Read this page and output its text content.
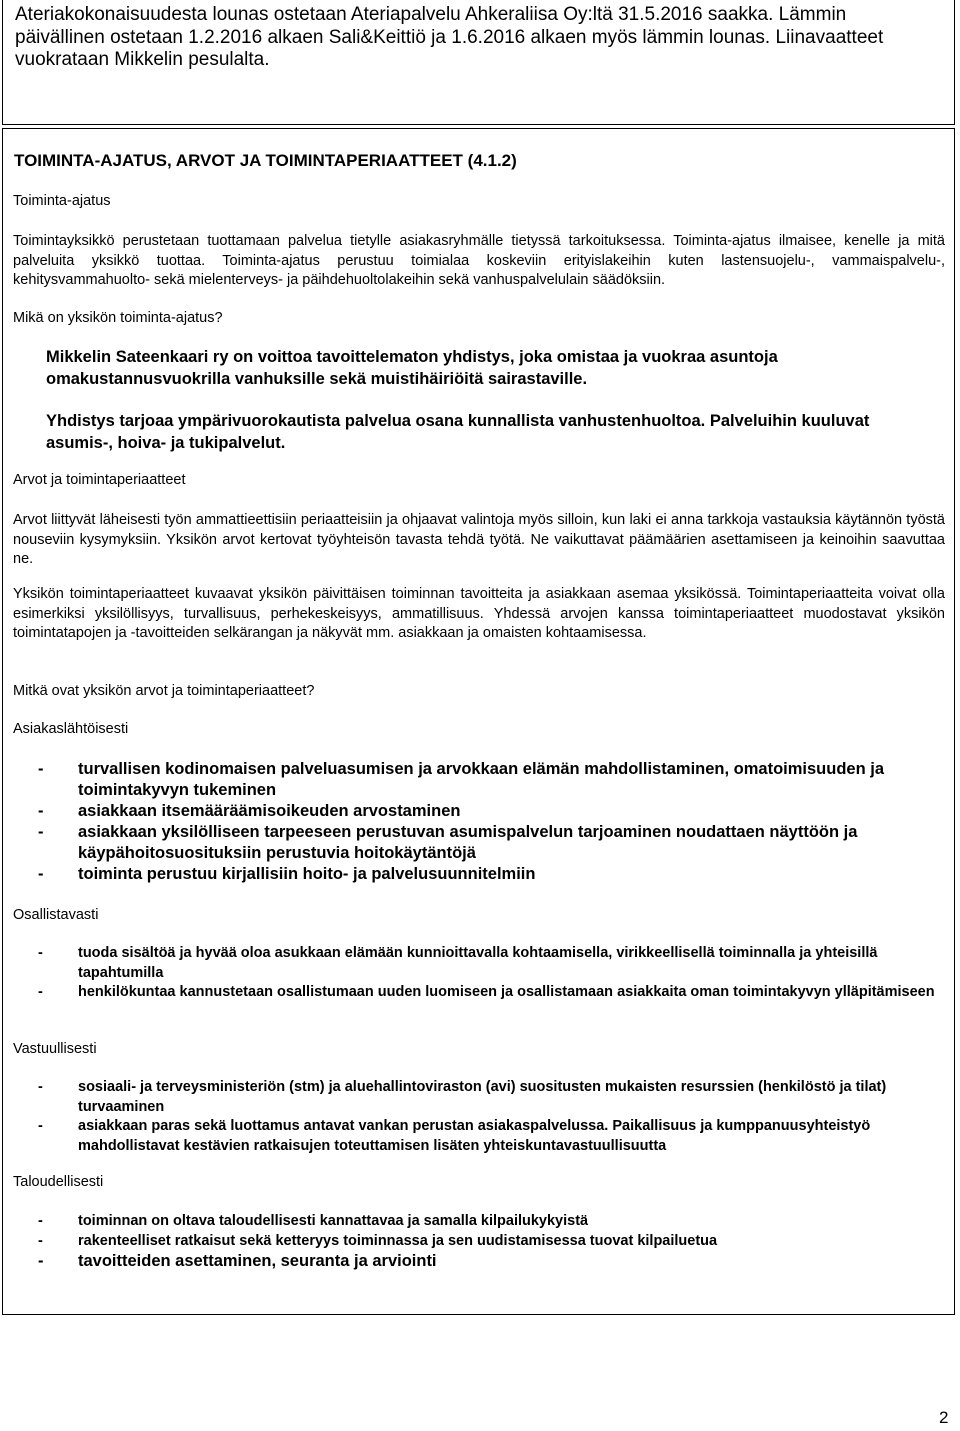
Ateriakokonaisuudesta lounas ostetaan Ateriapalvelu Ahkeraliisa Oy:ltä 31.5.2016 saakka. Lämmin päivällinen ostetaan 1.2.2016 alkaen Sali&Keittiö ja 1.6.2016 alkaen myös lämmin lounas. Liinavaatteet vuokrataan Mikkelin pesulalta.

TOIMINTA-AJATUS, ARVOT JA TOIMINTAPERIAATTEET (4.1.2)

Toiminta-ajatus

Toimintayksikkö perustetaan tuottamaan palvelua tietylle asiakasryhmälle tietyssä tarkoituksessa. Toiminta-ajatus ilmaisee, kenelle ja mitä palveluita yksikkö tuottaa. Toiminta-ajatus perustuu toimialaa koskeviin erityislakeihin kuten lastensuojelu-, vammaispalvelu-, kehitysvammahuolto- sekä mielenterveys- ja päihdehuoltolakeihin sekä vanhuspalvelulain säädöksiin.

Mikä on yksikön toiminta-ajatus?

Mikkelin Sateenkaari ry on voittoa tavoittelematon yhdistys, joka omistaa ja vuokraa asuntoja omakustannusvuokrilla vanhuksille sekä muistihäiriöitä sairastaville.

Yhdistys tarjoaa ympärivuorokautista palvelua osana kunnallista vanhustenhuoltoa. Palveluihin kuuluvat asumis-, hoiva- ja tukipalvelut.

Arvot ja toimintaperiaatteet

Arvot liittyvät läheisesti työn ammattieettisiin periaatteisiin ja ohjaavat valintoja myös silloin, kun laki ei anna tarkkoja vastauksia käytännön työstä nouseviin kysymyksiin. Yksikön arvot kertovat työyhteisön tavasta tehdä työtä. Ne vaikuttavat päämäärien asettamiseen ja keinoihin saavuttaa ne.

Yksikön toimintaperiaatteet kuvaavat yksikön päivittäisen toiminnan tavoitteita ja asiakkaan asemaa yksikössä. Toimintaperiaatteita voivat olla esimerkiksi yksilöllisyys, turvallisuus, perhekeskeisyys, ammatillisuus. Yhdessä arvojen kanssa toimintaperiaatteet muodostavat yksikön toimintatapojen ja -tavoitteiden selkärangan ja näkyvät mm. asiakkaan ja omaisten kohtaamisessa.

Mitkä ovat yksikön arvot ja toimintaperiaatteet?

Asiakaslähtöisesti

- turvallisen kodinomaisen palveluasumisen ja arvokkaan elämän mahdollistaminen, omatoimisuuden ja toimintakyvyn tukeminen

- asiakkaan itsemääräämisoikeuden arvostaminen

- asiakkaan yksilölliseen tarpeeseen perustuvan asumispalvelun tarjoaminen noudattaen näyttöön ja käypähoitosuosituksiin perustuvia hoitokäytäntöjä

- toiminta perustuu kirjallisiin hoito- ja palvelusuunnitelmiin

Osallistavasti

- tuoda sisältöä ja hyvää oloa asukkaan elämään kunnioittavalla kohtaamisella, virikkeellisellä toiminnalla ja yhteisillä tapahtumilla

- henkilökuntaa kannustetaan osallistumaan uuden luomiseen ja osallistamaan asiakkaita oman toimintakyvyn ylläpitämiseen

Vastuullisesti

- sosiaali- ja terveysministeriön (stm) ja aluehallintoviraston (avi) suositusten mukaisten resurssien (henkilöstö ja tilat) turvaaminen

- asiakkaan paras sekä luottamus antavat vankan perustan asiakaspalvelussa. Paikallisuus ja kumppanuusyhteistyö mahdollistavat kestävien ratkaisujen toteuttamisen lisäten yhteiskuntavastuullisuutta

Taloudellisesti

- toiminnan on oltava taloudellisesti kannattavaa ja samalla kilpailukykyistä

- rakenteelliset ratkaisut sekä ketteryys toiminnassa ja sen uudistamisessa tuovat kilpailuetua

- tavoitteiden asettaminen, seuranta ja arviointi

2
